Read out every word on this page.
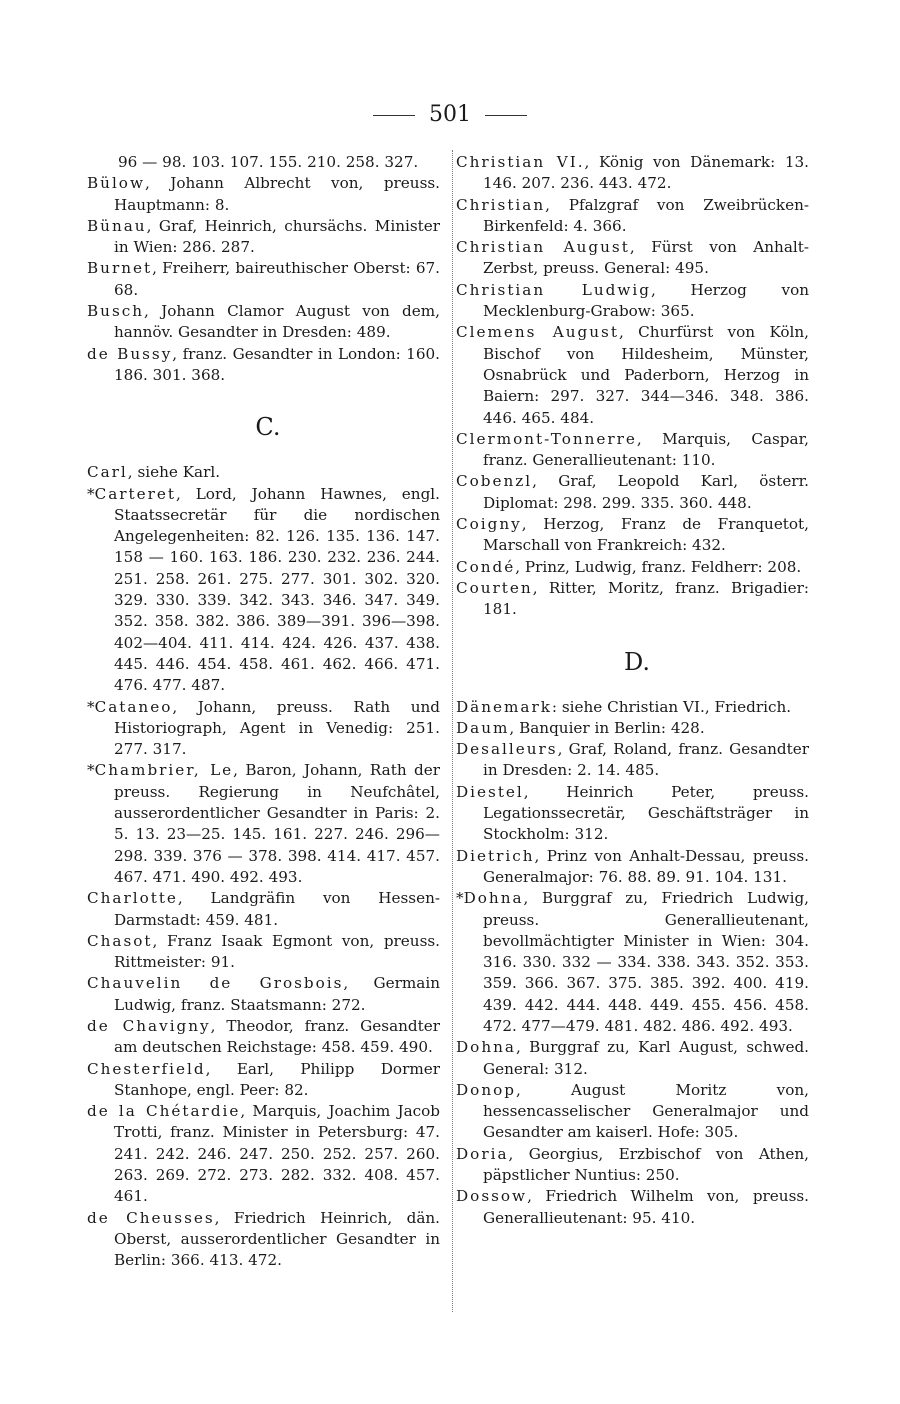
501
96 — 98. 103. 107. 155. 210. 258. 327.
Bülow, Johann Albrecht von, preuss. Hauptmann: 8.
Bünau, Graf, Heinrich, chursächs. Minister in Wien: 286. 287.
Burnet, Freiherr, baireuthischer Oberst: 67. 68.
Busch, Johann Clamor August von dem, hannöv. Gesandter in Dresden: 489.
de Bussy, franz. Gesandter in London: 160. 186. 301. 368.
C.
Carl, siehe Karl.
*Carteret, Lord, Johann Hawnes, engl. Staatssecretär für die nordischen Angelegenheiten: 82. 126. 135. 136. 147. 158 — 160. 163. 186. 230. 232. 236. 244. 251. 258. 261. 275. 277. 301. 302. 320. 329. 330. 339. 342. 343. 346. 347. 349. 352. 358. 382. 386. 389—391. 396—398. 402—404. 411. 414. 424. 426. 437. 438. 445. 446. 454. 458. 461. 462. 466. 471. 476. 477. 487.
*Cataneo, Johann, preuss. Rath und Historiograph, Agent in Venedig: 251. 277. 317.
*Chambrier, Le, Baron, Johann, Rath der preuss. Regierung in Neufchâtel, ausserordentlicher Gesandter in Paris: 2. 5. 13. 23—25. 145. 161. 227. 246. 296—298. 339. 376 — 378. 398. 414. 417. 457. 467. 471. 490. 492. 493.
Charlotte, Landgräfin von Hessen-Darmstadt: 459. 481.
Chasot, Franz Isaak Egmont von, preuss. Rittmeister: 91.
Chauvelin de Grosbois, Germain Ludwig, franz. Staatsmann: 272.
de Chavigny, Theodor, franz. Gesandter am deutschen Reichstage: 458. 459. 490.
Chesterfield, Earl, Philipp Dormer Stanhope, engl. Peer: 82.
de la Chétardie, Marquis, Joachim Jacob Trotti, franz. Minister in Petersburg: 47. 241. 242. 246. 247. 250. 252. 257. 260. 263. 269. 272. 273. 282. 332. 408. 457. 461.
de Cheusses, Friedrich Heinrich, dän. Oberst, ausserordentlicher Gesandter in Berlin: 366. 413. 472.
Christian VI., König von Dänemark: 13. 146. 207. 236. 443. 472.
Christian, Pfalzgraf von Zweibrücken-Birkenfeld: 4. 366.
Christian August, Fürst von Anhalt-Zerbst, preuss. General: 495.
Christian Ludwig, Herzog von Mecklenburg-Grabow: 365.
Clemens August, Churfürst von Köln, Bischof von Hildesheim, Münster, Osnabrück und Paderborn, Herzog in Baiern: 297. 327. 344—346. 348. 386. 446. 465. 484.
Clermont-Tonnerre, Marquis, Caspar, franz. Generallieutenant: 110.
Cobenzl, Graf, Leopold Karl, österr. Diplomat: 298. 299. 335. 360. 448.
Coigny, Herzog, Franz de Franquetot, Marschall von Frankreich: 432.
Condé, Prinz, Ludwig, franz. Feldherr: 208.
Courten, Ritter, Moritz, franz. Brigadier: 181.
D.
Dänemark: siehe Christian VI., Friedrich.
Daum, Banquier in Berlin: 428.
Desalleurs, Graf, Roland, franz. Gesandter in Dresden: 2. 14. 485.
Diestel, Heinrich Peter, preuss. Legationssecretär, Geschäftsträger in Stockholm: 312.
Dietrich, Prinz von Anhalt-Dessau, preuss. Generalmajor: 76. 88. 89. 91. 104. 131.
*Dohna, Burggraf zu, Friedrich Ludwig, preuss. Generallieutenant, bevollmächtigter Minister in Wien: 304. 316. 330. 332 — 334. 338. 343. 352. 353. 359. 366. 367. 375. 385. 392. 400. 419. 439. 442. 444. 448. 449. 455. 456. 458. 472. 477—479. 481. 482. 486. 492. 493.
Dohna, Burggraf zu, Karl August, schwed. General: 312.
Donop, August Moritz von, hessencasselischer Generalmajor und Gesandter am kaiserl. Hofe: 305.
Doria, Georgius, Erzbischof von Athen, päpstlicher Nuntius: 250.
Dossow, Friedrich Wilhelm von, preuss. Generallieutenant: 95. 410.
